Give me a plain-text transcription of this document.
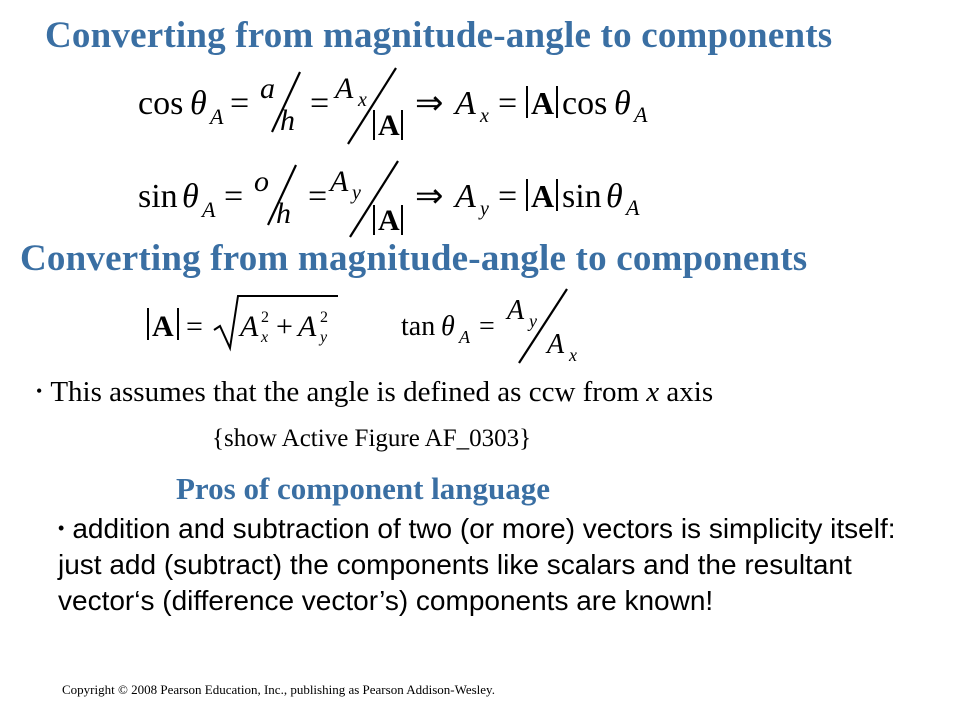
Converting from magnitude-angle to components
Converting from magnitude-angle to components
cos θ A = a
h = A x
A
⇒ A x = A cos θ A
sin θ A = o
h = A y
A
⇒ A y = A sin θ A
A = A 2
x + A 2
y	tan θ A =
A y
A x
• This assumes that the angle is defined as ccw from x axis
{show Active Figure AF_0303}
Pros of component language
• addition and subtraction of two (or more) vectors is simplicity itself: just add (subtract) the components like scalars and the resultant vector‘s (difference vector’s) components are known!
Copyright © 2008 Pearson Education, Inc., publishing as Pearson Addison-Wesley.
